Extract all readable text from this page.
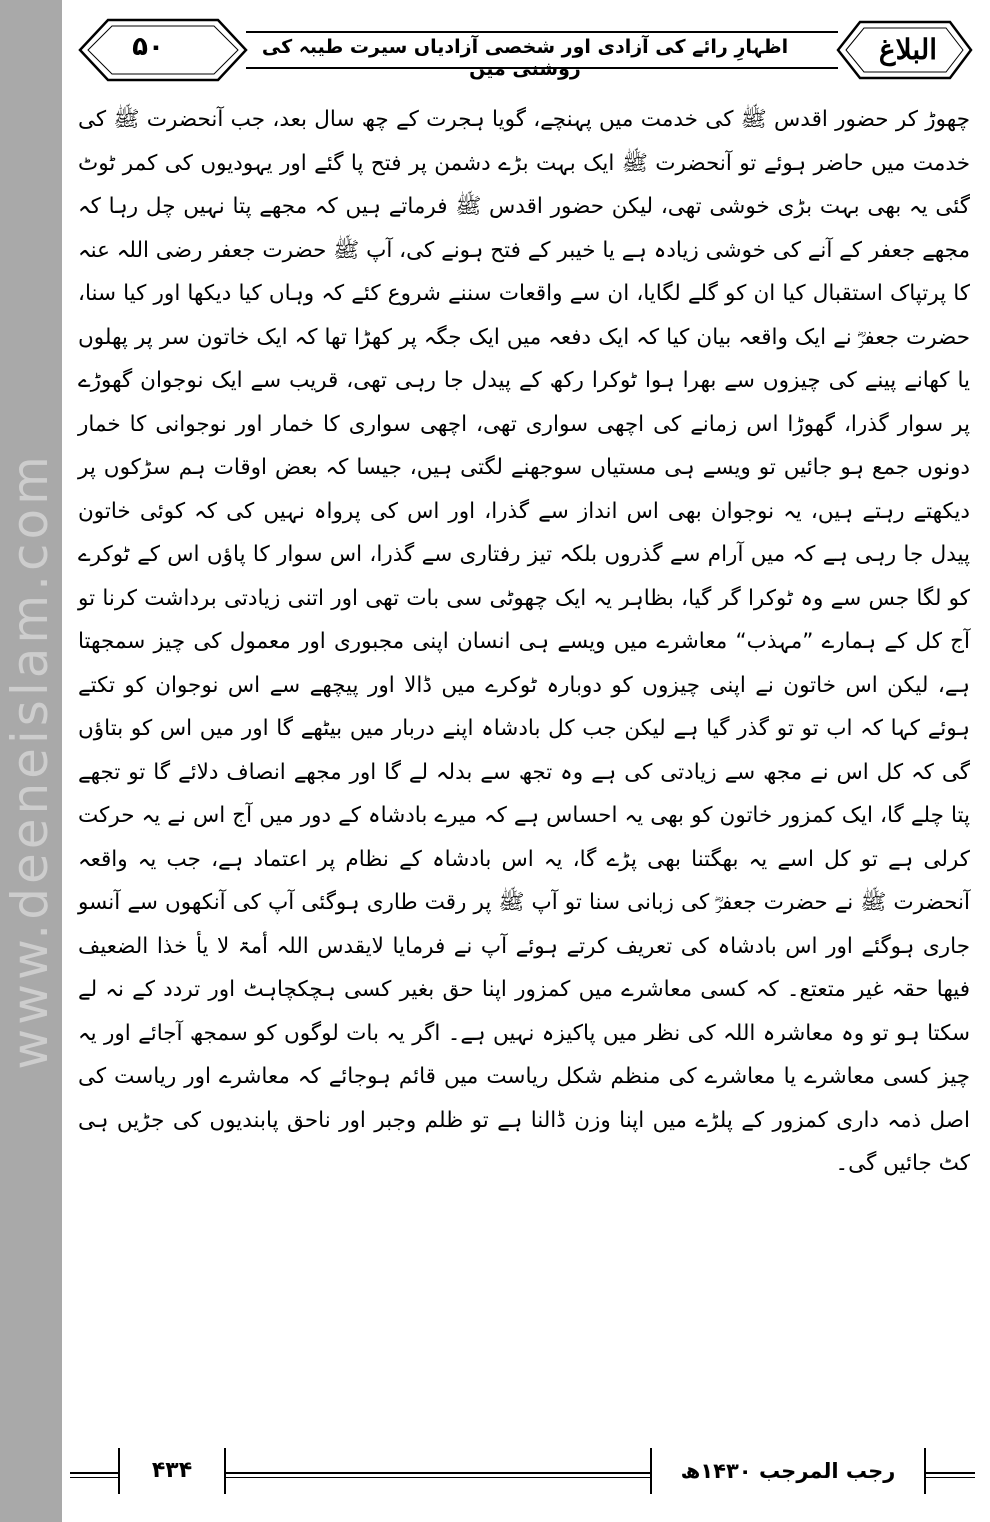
www.deeneislam.com
۵۰	اظہارِ رائے کی آزادی اور شخصی آزادیاں سیرت طیبہ کی روشنی میں
البلاغ

چھوڑ کر حضور اقدس ﷺ کی خدمت میں پہنچے، گویا ہجرت کے چھ سال بعد، جب آنحضرت ﷺ کی خدمت میں حاضر ہوئے تو آنحضرت ﷺ ایک بہت بڑے دشمن پر فتح پا گئے اور یہودیوں کی کمر ٹوٹ گئی یہ بھی بہت بڑی خوشی تھی، لیکن حضور اقدس ﷺ فرماتے ہیں کہ مجھے پتا نہیں چل رہا کہ مجھے جعفر کے آنے کی خوشی زیادہ ہے یا خیبر کے فتح ہونے کی، آپ ﷺ حضرت جعفر رضی اللہ عنہ کا پرتپاک استقبال کیا ان کو گلے لگایا، ان سے واقعات سننے شروع کئے کہ وہاں کیا دیکھا اور کیا سنا، حضرت جعفرؓ نے ایک واقعہ بیان کیا کہ ایک دفعہ میں ایک جگہ پر کھڑا تھا کہ ایک خاتون سر پر پھلوں یا کھانے پینے کی چیزوں سے بھرا ہوا ٹوکرا رکھ کے پیدل جا رہی تھی، قریب سے ایک نوجوان گھوڑے پر سوار گذرا، گھوڑا اس زمانے کی اچھی سواری تھی، اچھی سواری کا خمار اور نوجوانی کا خمار دونوں جمع ہو جائیں تو ویسے ہی مستیاں سوجھنے لگتی ہیں، جیسا کہ بعض اوقات ہم سڑکوں پر دیکھتے رہتے ہیں، یہ نوجوان بھی اس انداز سے گذرا، اور اس کی پرواہ نہیں کی کہ کوئی خاتون پیدل جا رہی ہے کہ میں آرام سے گذروں بلکہ تیز رفتاری سے گذرا، اس سوار کا پاؤں اس کے ٹوکرے کو لگا جس سے وہ ٹوکرا گر گیا، بظاہر یہ ایک چھوٹی سی بات تھی اور اتنی زیادتی برداشت کرنا تو آج کل کے ہمارے ”مہذب“ معاشرے میں ویسے ہی انسان اپنی مجبوری اور معمول کی چیز سمجھتا ہے، لیکن اس خاتون نے اپنی چیزوں کو دوبارہ ٹوکرے میں ڈالا اور پیچھے سے اس نوجوان کو تکتے ہوئے کہا کہ اب تو تو گذر گیا ہے لیکن جب کل بادشاہ اپنے دربار میں بیٹھے گا اور میں اس کو بتاؤں گی کہ کل اس نے مجھ سے زیادتی کی ہے وہ تجھ سے بدلہ لے گا اور مجھے انصاف دلائے گا تو تجھے پتا چلے گا، ایک کمزور خاتون کو بھی یہ احساس ہے کہ میرے بادشاہ کے دور میں آج اس نے یہ حرکت کرلی ہے تو کل اسے یہ بھگتنا بھی پڑے گا، یہ اس بادشاہ کے نظام پر اعتماد ہے، جب یہ واقعہ آنحضرت ﷺ نے حضرت جعفرؓ کی زبانی سنا تو آپ ﷺ پر رقت طاری ہوگئی آپ کی آنکھوں سے آنسو جاری ہوگئے اور اس بادشاہ کی تعریف کرتے ہوئے آپ نے فرمایا لایقدس اللہ أمۃ لا یأ خذا الضعیف فیھا حقہ غیر متعتع۔ کہ کسی معاشرے میں کمزور اپنا حق بغیر کسی ہچکچاہٹ اور تردد کے نہ لے سکتا ہو تو وہ معاشرہ اللہ کی نظر میں پاکیزہ نہیں ہے۔ اگر یہ بات لوگوں کو سمجھ آجائے اور یہ چیز کسی معاشرے یا معاشرے کی منظم شکل ریاست میں قائم ہوجائے کہ معاشرے اور ریاست کی اصل ذمہ داری کمزور کے پلڑے میں اپنا وزن ڈالنا ہے تو ظلم وجبر اور ناحق پابندیوں کی جڑیں ہی کٹ جائیں گی۔

۴۳۴	رجب المرجب ۱۴۳۰ھ
